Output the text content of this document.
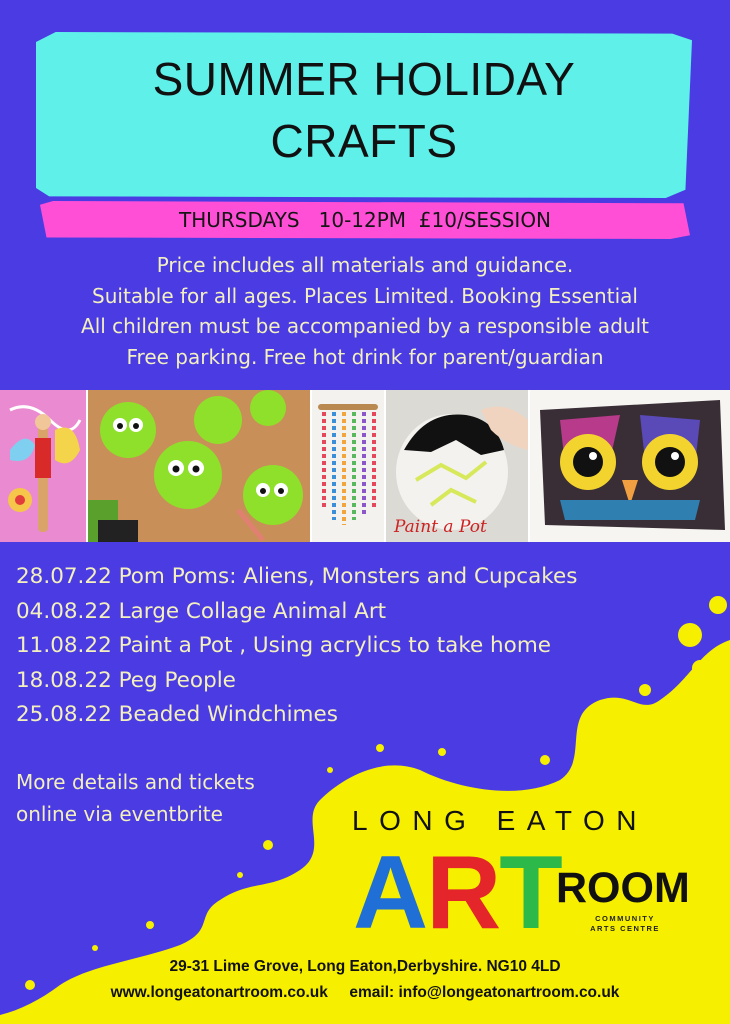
SUMMER HOLIDAY
CRAFTS
THURSDAYS   10-12PM  £10/SESSION
Price includes all materials and guidance.
Suitable for all ages. Places Limited. Booking Essential
All children must be accompanied by a responsible adult
Free parking. Free hot drink for parent/guardian
Paint a Pot
28.07.22 Pom Poms: Aliens, Monsters and Cupcakes
04.08.22 Large Collage Animal Art
11.08.22 Paint a Pot , Using acrylics to take home
18.08.22 Peg People
25.08.22 Beaded Windchimes
More details and tickets
online via eventbrite	LONG EATON
ART
ROOM
COMMUNITY
ARTS CENTRE
29-31 Lime Grove, Long Eaton,Derbyshire. NG10 4LD
www.longeatonartroom.co.uk     email: info@longeatonartroom.co.uk
